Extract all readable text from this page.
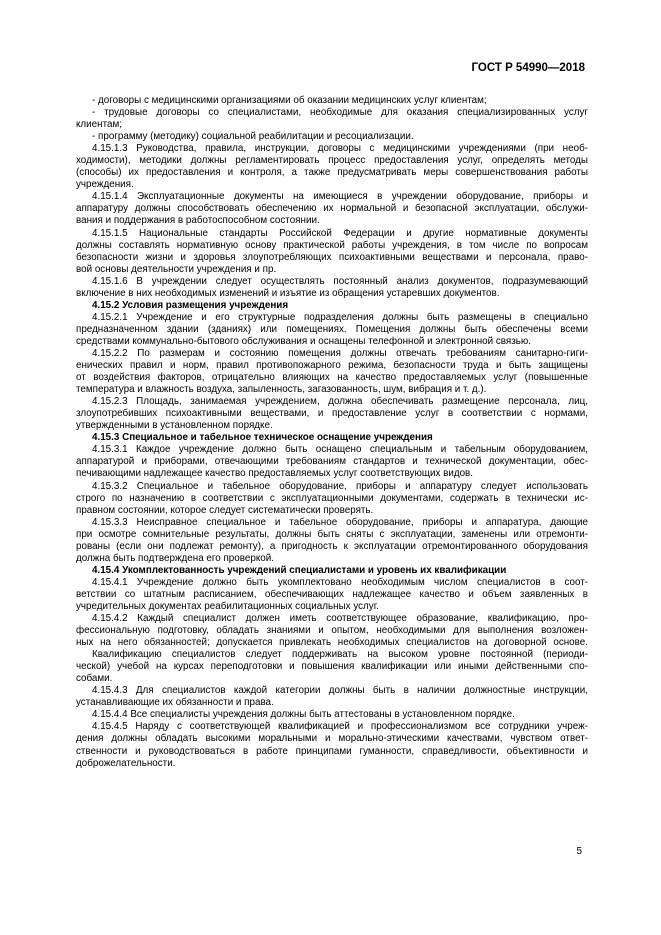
ГОСТ Р 54990—2018
- договоры с медицинскими организациями об оказании медицинских услуг клиентам;
- трудовые договоры со специалистами, необходимые для оказания специализированных услуг
клиентам;
- программу (методику) социальной реабилитации и ресоциализации.
4.15.1.3 Руководства, правила, инструкции, договоры с медицинскими учреждениями (при необ-
ходимости), методики должны регламентировать процесс предоставления услуг, определять методы
(способы) их предоставления и контроля, а также предусматривать меры совершенствования работы
учреждения.
4.15.1.4 Эксплуатационные документы на имеющиеся в учреждении оборудование, приборы и
аппаратуру должны способствовать обеспечению их нормальной и безопасной эксплуатации, обслужи-
вания и поддержания в работоспособном состоянии.
4.15.1.5 Национальные стандарты Российской Федерации и другие нормативные документы
должны составлять нормативную основу практической работы учреждения, в том числе по вопросам
безопасности жизни и здоровья злоупотребляющих психоактивными веществами и персонала, право-
вой основы деятельности учреждения и пр.
4.15.1.6 В учреждении следует осуществлять постоянный анализ документов, подразумевающий
включение в них необходимых изменений и изъятие из обращения устаревших документов.
4.15.2 Условия размещения учреждения
4.15.2.1 Учреждение и его структурные подразделения должны быть размещены в специально
предназначенном здании (зданиях) или помещениях. Помещения должны быть обеспечены всеми
средствами коммунально-бытового обслуживания и оснащены телефонной и электронной связью.
4.15.2.2 По размерам и состоянию помещения должны отвечать требованиям санитарно-гиги-
енических правил и норм, правил противопожарного режима, безопасности труда и быть защищены
от воздействия факторов, отрицательно влияющих на качество предоставляемых услуг (повышенные
температура и влажность воздуха, запыленность, загазованность, шум, вибрация и т. д.).
4.15.2.3 Площадь, занимаемая учреждением, должна обеспечивать размещение персонала, лиц,
злоупотребивших психоактивными веществами, и предоставление услуг в соответствии с нормами,
утвержденными в установленном порядке.
4.15.3 Специальное и табельное техническое оснащение учреждения
4.15.3.1 Каждое учреждение должно быть оснащено специальным и табельным оборудованием,
аппаратурой и приборами, отвечающими требованиям стандартов и технической документации, обес-
печивающими надлежащее качество предоставляемых услуг соответствующих видов.
4.15.3.2 Специальное и табельное оборудование, приборы и аппаратуру следует использовать
строго по назначению в соответствии с эксплуатационными документами, содержать в технически ис-
правном состоянии, которое следует систематически проверять.
4.15.3.3 Неисправное специальное и табельное оборудование, приборы и аппаратура, дающие
при осмотре сомнительные результаты, должны быть сняты с эксплуатации, заменены или отремонти-
рованы (если они подлежат ремонту), а пригодность к эксплуатации отремонтированного оборудования
должна быть подтверждена его проверкой.
4.15.4 Укомплектованность учреждений специалистами и уровень их квалификации
4.15.4.1 Учреждение должно быть укомплектовано необходимым числом специалистов в соот-
ветствии со штатным расписанием, обеспечивающих надлежащее качество и объем заявленных в
учредительных документах реабилитационных социальных услуг.
4.15.4.2 Каждый специалист должен иметь соответствующее образование, квалификацию, про-
фессиональную подготовку, обладать знаниями и опытом, необходимыми для выполнения возложен-
ных на него обязанностей; допускается привлекать необходимых специалистов на договорной основе.
Квалификацию специалистов следует поддерживать на высоком уровне постоянной (периоди-
ческой) учебой на курсах переподготовки и повышения квалификации или иными действенными спо-
собами.
4.15.4.3 Для специалистов каждой категории должны быть в наличии должностные инструкции,
устанавливающие их обязанности и права.
4.15.4.4 Все специалисты учреждения должны быть аттестованы в установленном порядке.
4.15.4.5 Наряду с соответствующей квалификацией и профессионализмом все сотрудники учреж-
дения должны обладать высокими моральными и морально-этическими качествами, чувством ответ-
ственности и руководствоваться в работе принципами гуманности, справедливости, объективности и
доброжелательности.
5
